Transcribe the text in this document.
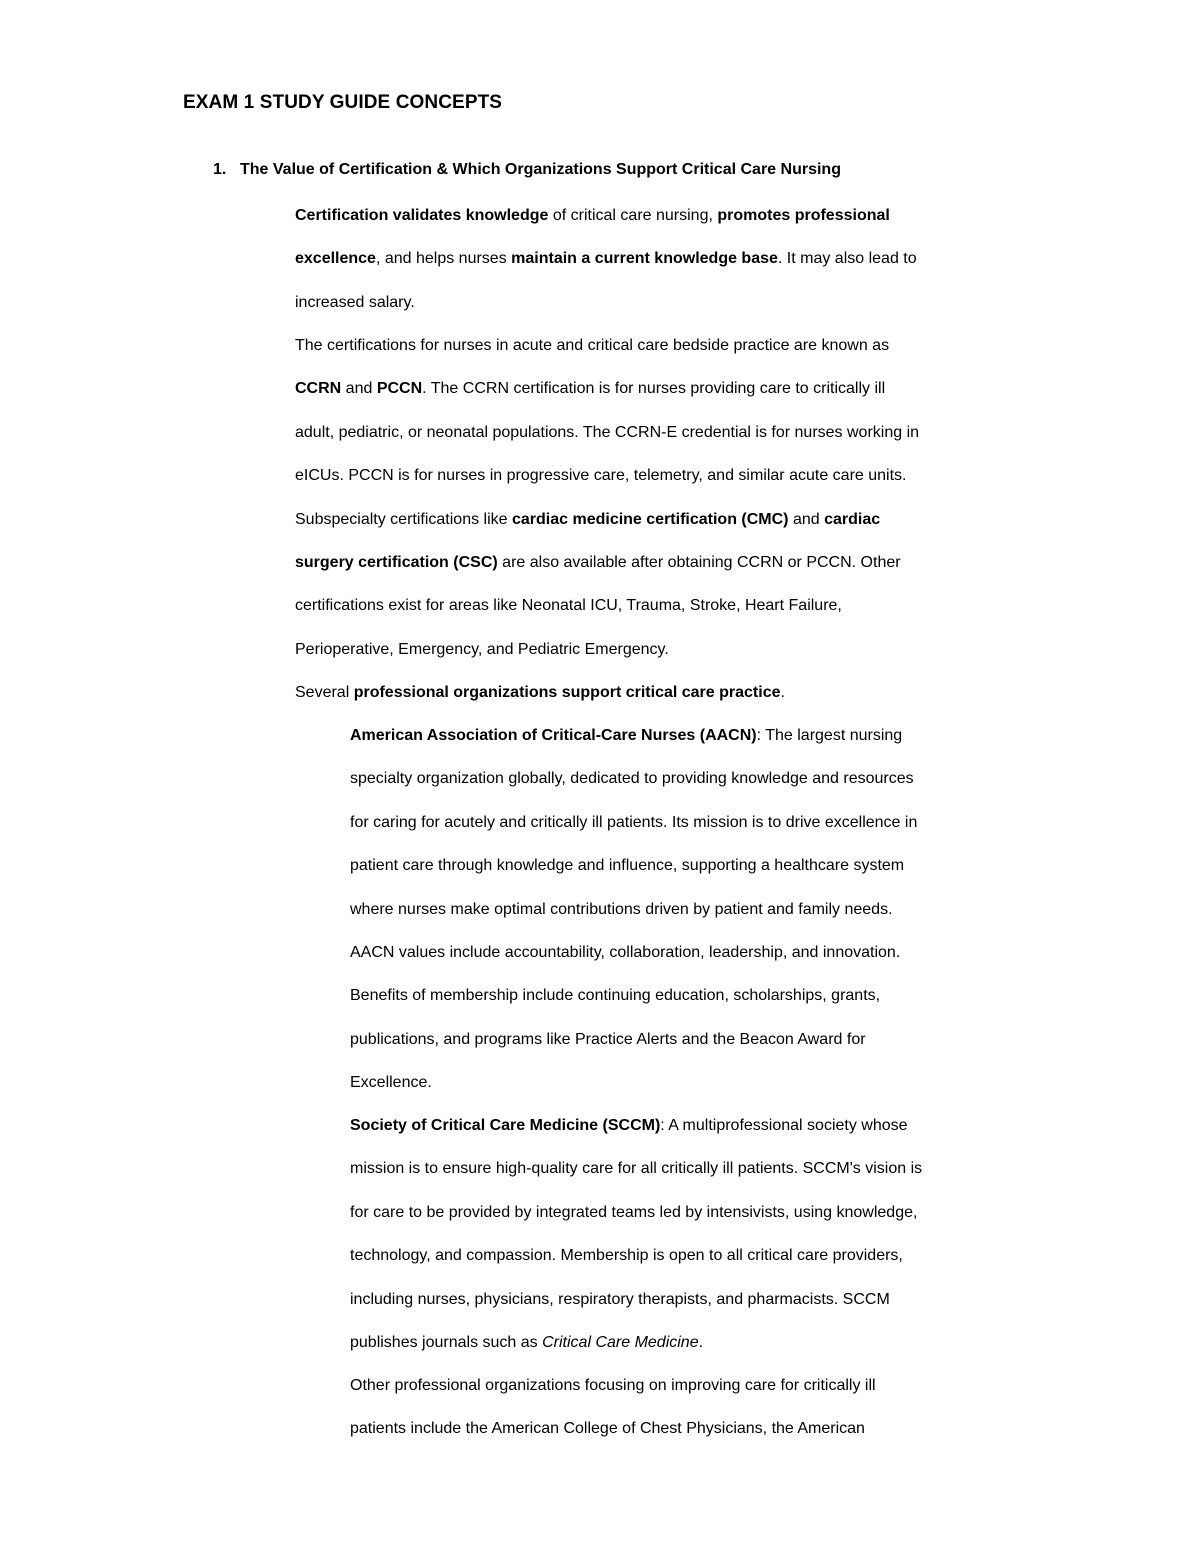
EXAM 1 STUDY GUIDE CONCEPTS
1. The Value of Certification & Which Organizations Support Critical Care Nursing
Certification validates knowledge of critical care nursing, promotes professional
excellence, and helps nurses maintain a current knowledge base. It may also lead to
increased salary.
The certifications for nurses in acute and critical care bedside practice are known as
CCRN and PCCN. The CCRN certification is for nurses providing care to critically ill
adult, pediatric, or neonatal populations. The CCRN-E credential is for nurses working in
eICUs. PCCN is for nurses in progressive care, telemetry, and similar acute care units.
Subspecialty certifications like cardiac medicine certification (CMC) and cardiac
surgery certification (CSC) are also available after obtaining CCRN or PCCN. Other
certifications exist for areas like Neonatal ICU, Trauma, Stroke, Heart Failure,
Perioperative, Emergency, and Pediatric Emergency.
Several professional organizations support critical care practice.
American Association of Critical-Care Nurses (AACN): The largest nursing
specialty organization globally, dedicated to providing knowledge and resources
for caring for acutely and critically ill patients. Its mission is to drive excellence in
patient care through knowledge and influence, supporting a healthcare system
where nurses make optimal contributions driven by patient and family needs.
AACN values include accountability, collaboration, leadership, and innovation.
Benefits of membership include continuing education, scholarships, grants,
publications, and programs like Practice Alerts and the Beacon Award for
Excellence.
Society of Critical Care Medicine (SCCM): A multiprofessional society whose
mission is to ensure high-quality care for all critically ill patients. SCCM's vision is
for care to be provided by integrated teams led by intensivists, using knowledge,
technology, and compassion. Membership is open to all critical care providers,
including nurses, physicians, respiratory therapists, and pharmacists. SCCM
publishes journals such as Critical Care Medicine.
Other professional organizations focusing on improving care for critically ill
patients include the American College of Chest Physicians, the American
